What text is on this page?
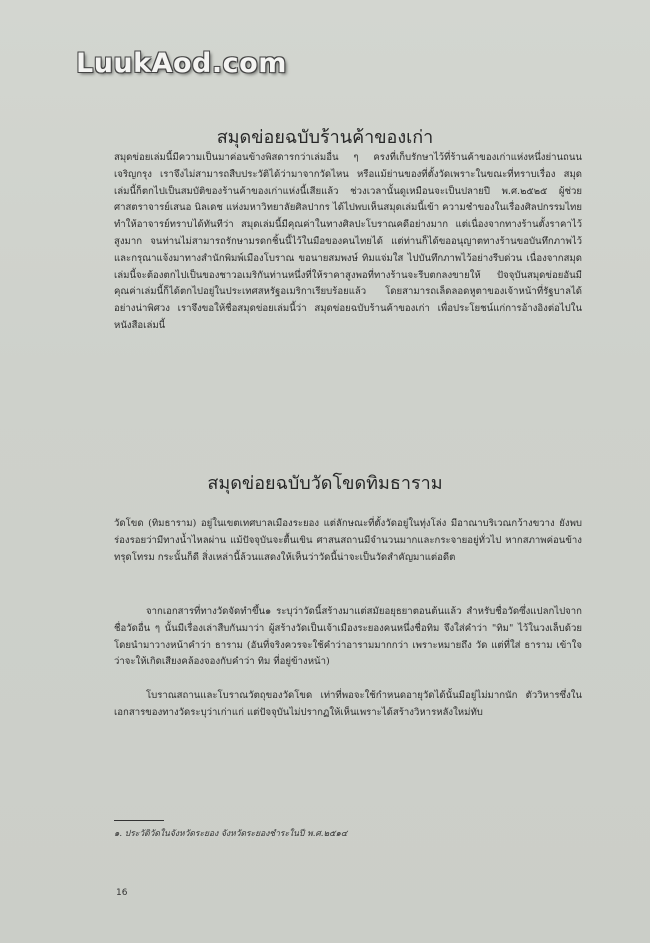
LuukAod.com
สมุดข่อยฉบับร้านค้าของเก่า
สมุดข่อยเล่มนี้มีความเป็นมาค่อนข้างพิสดารกว่าเล่มอื่น ๆ ครงที่เก็บรักษาไว้ที่ร้านค้าของเก่าแห่งหนึ่งย่านถนนเจริญกรุง เราจึงไม่สามารถสืบประวัติได้ว่ามาจากวัดไหน หรือแม้ย่านของที่ตั้งวัดเพราะในขณะที่ทราบเรื่อง สมุดเล่มนี้ก็ตกไปเป็นสมบัติของร้านค้าของเก่าแห่งนี้เสียแล้ว ช่วงเวลานั้นดูเหมือนจะเป็นปลายปี พ.ศ.๒๕๒๕ ผู้ช่วยศาสตราจารย์เสนอ นิลเดช แห่งมหาวิทยาลัยศิลปากร ได้ไปพบเห็นสมุดเล่มนี้เข้า ความชำของในเรื่องศิลปกรรมไทย ทำให้อาจารย์ทราบได้ทันทีว่า สมุดเล่มนี้มีคุณค่าในทางศิลปะโบราณคดีอย่างมาก แต่เนื่องจากทางร้านตั้งราคาไว้สูงมาก จนท่านไม่สามารถรักษามรดกชิ้นนี้ไว้ในมือของคนไทยได้ แต่ท่านก็ได้ขออนุญาตทางร้านขอบันทึกภาพไว้ และกรุณาแจ้งมาทางสำนักพิมพ์เมืองโบราณ ขอนายสมพงษ์ ทิมแจ่มใส ไปบันทึกภาพไว้อย่างรีบด่วน เนื่องจากสมุดเล่มนี้จะต้องตกไปเป็นของชาวอเมริกันท่านหนึ่งที่ให้ราคาสูงพอที่ทางร้านจะรีบตกลงขายให้ ปัจจุบันสมุดข่อยอันมีคุณค่าเล่มนี้ก็ได้ตกไปอยู่ในประเทศสหรัฐอเมริกาเรียบร้อยแล้ว โดยสามารถเล็ดลอดหูตาของเจ้าหน้าที่รัฐบาลได้อย่างน่าพิศวง เราจึงขอให้ชื่อสมุดข่อยเล่มนี้ว่า สมุดข่อยฉบับร้านค้าของเก่า เพื่อประโยชน์แก่การอ้างอิงต่อไปในหนังสือเล่มนี้
สมุดข่อยฉบับวัดโขดทิมธาราม
วัดโขด (ทิมธาราม) อยู่ในเขตเทศบาลเมืองระยอง แต่ลักษณะที่ตั้งวัดอยู่ในทุ่งโล่ง มีอาณาบริเวณกว้างขวาง ยังพบร่องรอยว่ามีทางน้ำไหลผ่าน แม้ปัจจุบันจะตื้นเขิน ศาสนสถานมีจำนวนมากและกระจายอยู่ทั่วไป หากสภาพค่อนข้างทรุดโทรม กระนั้นก็ดี สิ่งเหล่านี้ล้วนแสดงให้เห็นว่าวัดนี้น่าจะเป็นวัดสำคัญมาแต่อดีต
จากเอกสารที่ทางวัดจัดทำขึ้น๑ ระบุว่าวัดนี้สร้างมาแต่สมัยอยุธยาตอนต้นแล้ว สำหรับชื่อวัดซึ่งแปลกไปจากชื่อวัดอื่น ๆ นั้นมีเรื่องเล่าสืบกันมาว่า ผู้สร้างวัดเป็นเจ้าเมืองระยองคนหนึ่งชื่อทิม จึงใส่คำว่า "ทิม" ไว้ในวงเล็บด้วย โดยนำมาวางหน้าคำว่า ธาราม (อันที่จริงควรจะใช้คำว่าอารามมากกว่า เพราะหมายถึง วัด แต่ที่ใส่ ธาราม เข้าใจว่าจะให้เกิดเสียงคล้องจองกับคำว่า ทิม ที่อยู่ข้างหน้า)
โบราณสถานและโบราณวัตถุของวัดโขด เท่าที่พอจะใช้กำหนดอายุวัดได้นั้นมีอยู่ไม่มากนัก ตัววิหารซึ่งในเอกสารของทางวัดระบุว่าเก่าแก่ แต่ปัจจุบันไม่ปรากฏให้เห็นเพราะได้สร้างวิหารหลังใหม่ทับ
๑. ประวัติวัดในจังหวัดระยอง จังหวัดระยองชำระในปี พ.ศ.๒๕๑๔
16
